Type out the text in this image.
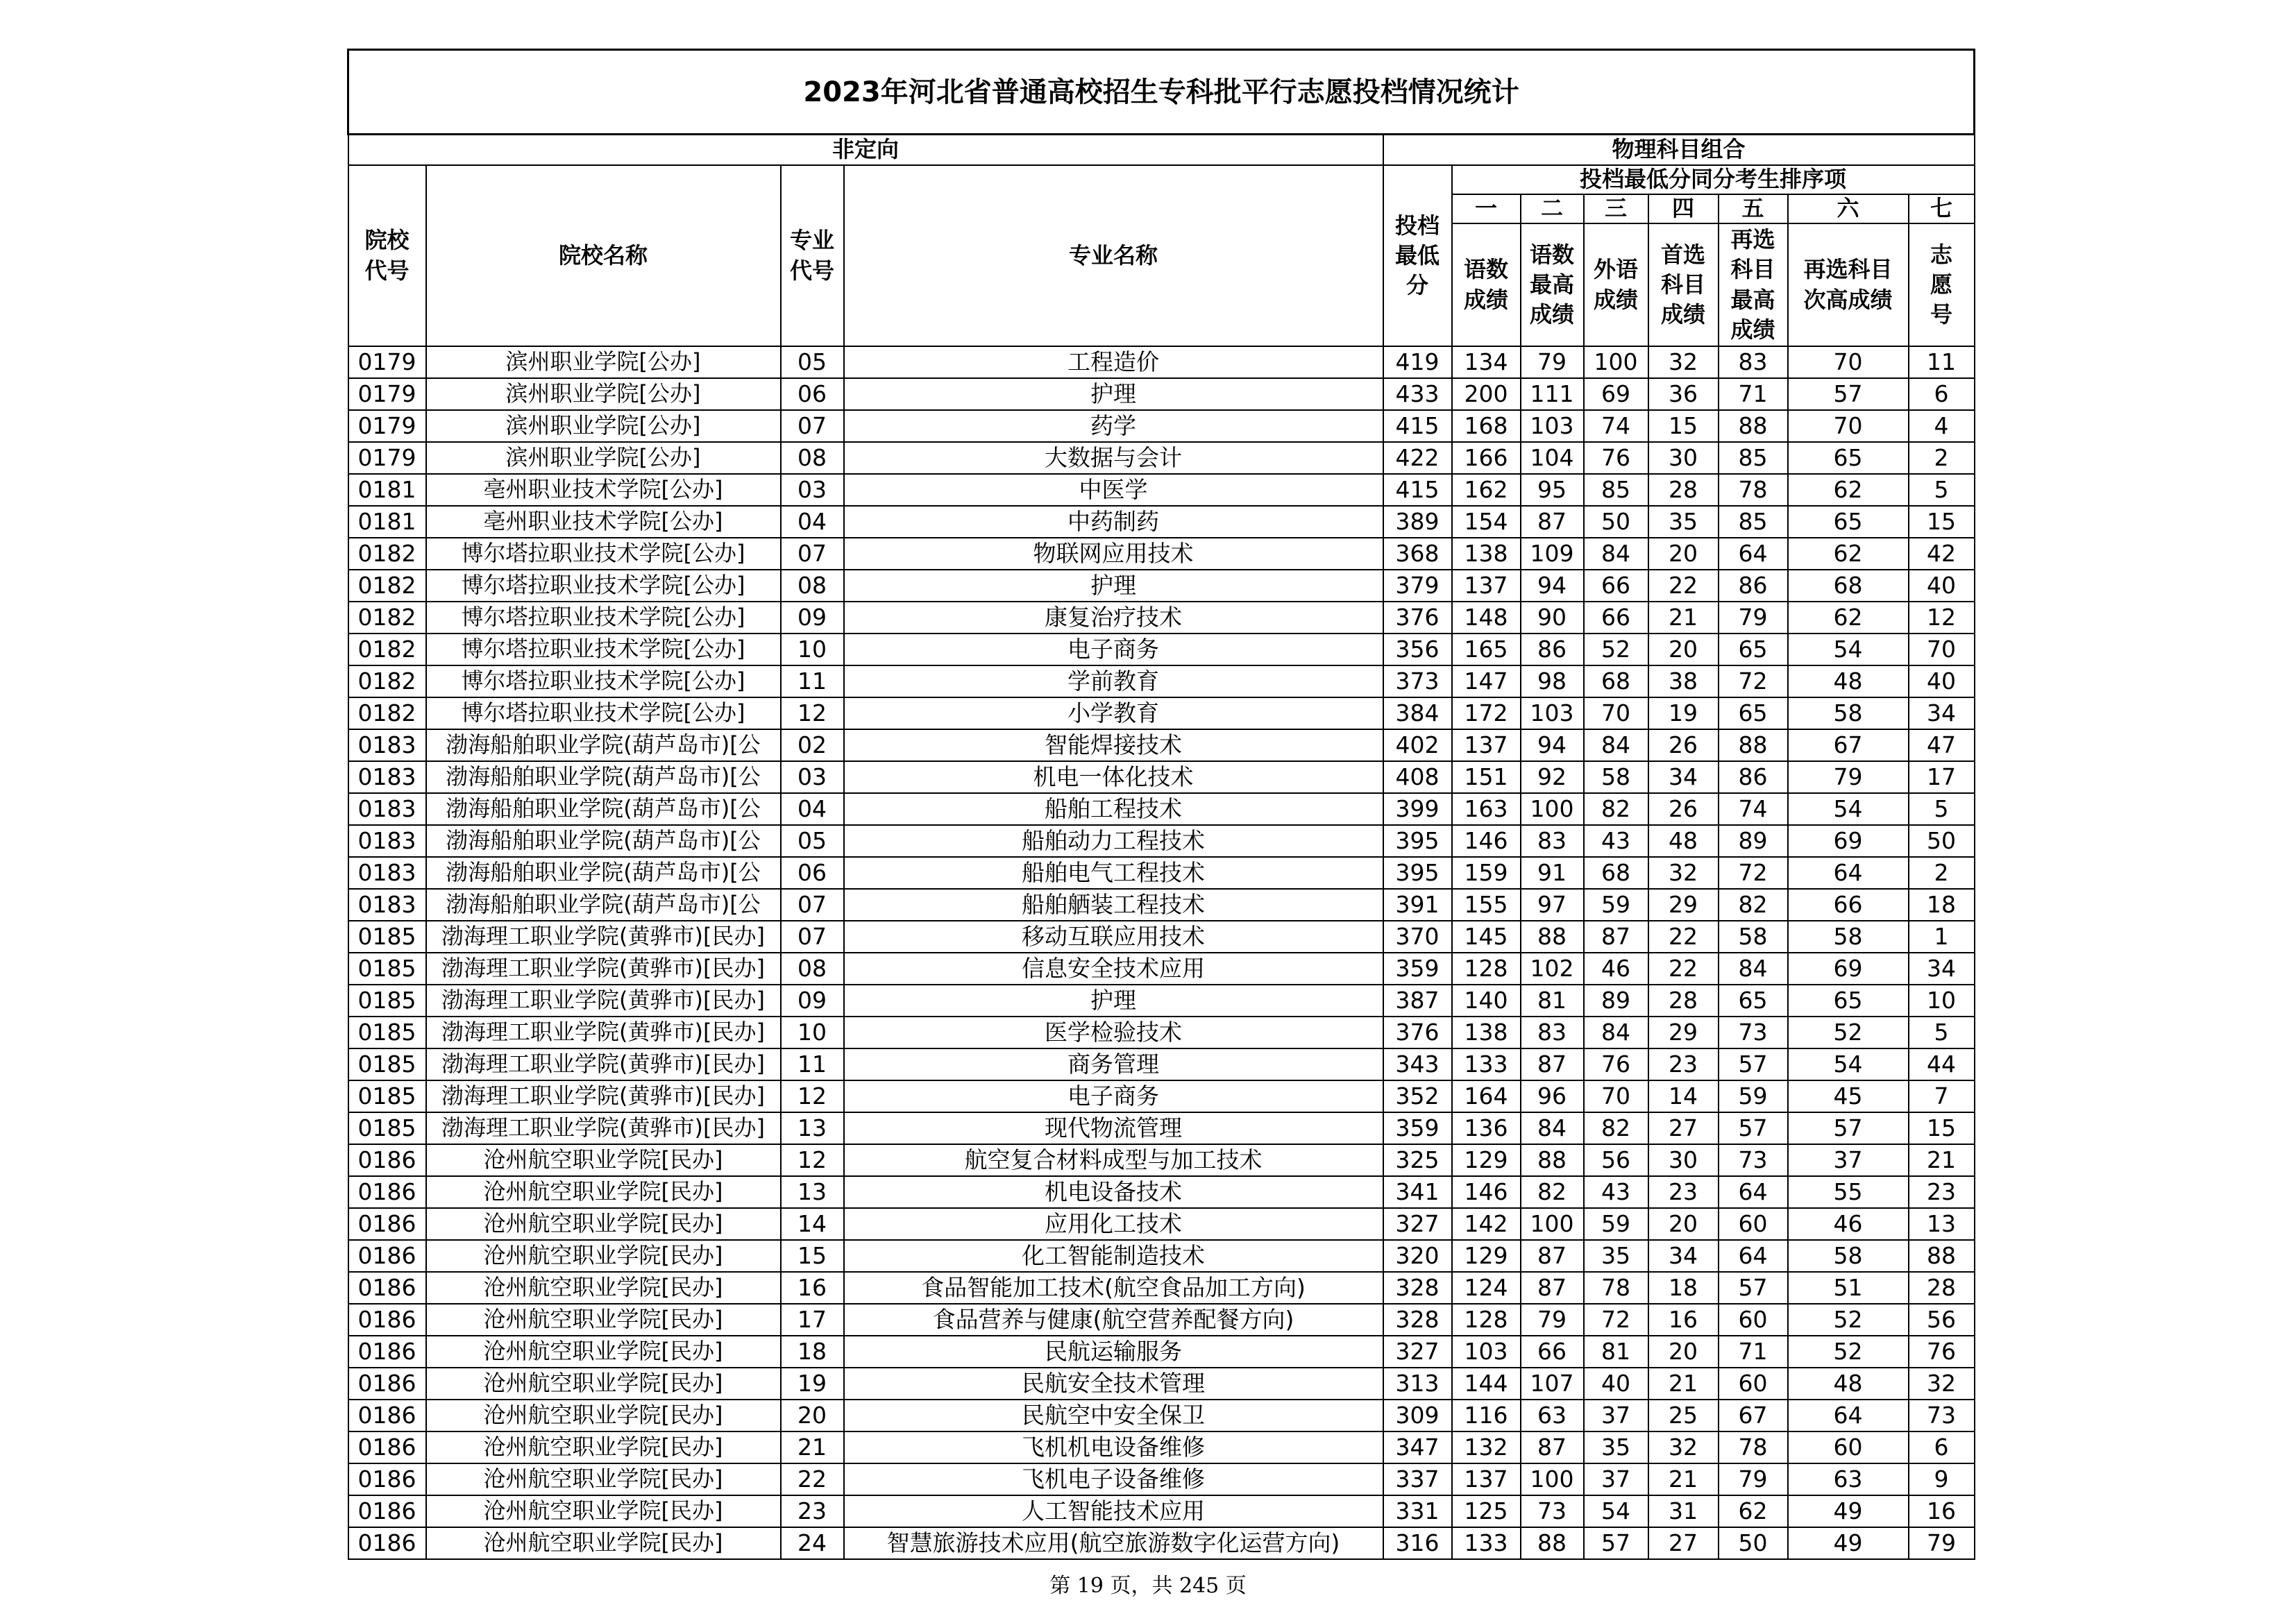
2023年河北省普通高校招生专科批平行志愿投档情况统计											
非定向				物理科目组合							
院校代号	院校名称	专业代号	专业名称	投档最低分	投档最低分同分考生排序项						
					一	二	三	四	五	六	七
					语数成绩	语数最高成绩	外语成绩	首选科目成绩	再选科目最高成绩	再选科目次高成绩	志愿号
0179	滨州职业学院[公办]	05	工程造价	419	134	79	100	32	83	70	11
0179	滨州职业学院[公办]	06	护理	433	200	111	69	36	71	57	6
0179	滨州职业学院[公办]	07	药学	415	168	103	74	15	88	70	4
0179	滨州职业学院[公办]	08	大数据与会计	422	166	104	76	30	85	65	2
0181	亳州职业技术学院[公办]	03	中医学	415	162	95	85	28	78	62	5
0181	亳州职业技术学院[公办]	04	中药制药	389	154	87	50	35	85	65	15
0182	博尔塔拉职业技术学院[公办]	07	物联网应用技术	368	138	109	84	20	64	62	42
0182	博尔塔拉职业技术学院[公办]	08	护理	379	137	94	66	22	86	68	40
0182	博尔塔拉职业技术学院[公办]	09	康复治疗技术	376	148	90	66	21	79	62	12
0182	博尔塔拉职业技术学院[公办]	10	电子商务	356	165	86	52	20	65	54	70
0182	博尔塔拉职业技术学院[公办]	11	学前教育	373	147	98	68	38	72	48	40
0182	博尔塔拉职业技术学院[公办]	12	小学教育	384	172	103	70	19	65	58	34
0183	渤海船舶职业学院(葫芦岛市)[公	02	智能焊接技术	402	137	94	84	26	88	67	47
0183	渤海船舶职业学院(葫芦岛市)[公	03	机电一体化技术	408	151	92	58	34	86	79	17
0183	渤海船舶职业学院(葫芦岛市)[公	04	船舶工程技术	399	163	100	82	26	74	54	5
0183	渤海船舶职业学院(葫芦岛市)[公	05	船舶动力工程技术	395	146	83	43	48	89	69	50
0183	渤海船舶职业学院(葫芦岛市)[公	06	船舶电气工程技术	395	159	91	68	32	72	64	2
0183	渤海船舶职业学院(葫芦岛市)[公	07	船舶舾装工程技术	391	155	97	59	29	82	66	18
0185	渤海理工职业学院(黄骅市)[民办]	07	移动互联应用技术	370	145	88	87	22	58	58	1
0185	渤海理工职业学院(黄骅市)[民办]	08	信息安全技术应用	359	128	102	46	22	84	69	34
0185	渤海理工职业学院(黄骅市)[民办]	09	护理	387	140	81	89	28	65	65	10
0185	渤海理工职业学院(黄骅市)[民办]	10	医学检验技术	376	138	83	84	29	73	52	5
0185	渤海理工职业学院(黄骅市)[民办]	11	商务管理	343	133	87	76	23	57	54	44
0185	渤海理工职业学院(黄骅市)[民办]	12	电子商务	352	164	96	70	14	59	45	7
0185	渤海理工职业学院(黄骅市)[民办]	13	现代物流管理	359	136	84	82	27	57	57	15
0186	沧州航空职业学院[民办]	12	航空复合材料成型与加工技术	325	129	88	56	30	73	37	21
0186	沧州航空职业学院[民办]	13	机电设备技术	341	146	82	43	23	64	55	23
0186	沧州航空职业学院[民办]	14	应用化工技术	327	142	100	59	20	60	46	13
0186	沧州航空职业学院[民办]	15	化工智能制造技术	320	129	87	35	34	64	58	88
0186	沧州航空职业学院[民办]	16	食品智能加工技术(航空食品加工方向)	328	124	87	78	18	57	51	28
0186	沧州航空职业学院[民办]	17	食品营养与健康(航空营养配餐方向)	328	128	79	72	16	60	52	56
0186	沧州航空职业学院[民办]	18	民航运输服务	327	103	66	81	20	71	52	76
0186	沧州航空职业学院[民办]	19	民航安全技术管理	313	144	107	40	21	60	48	32
0186	沧州航空职业学院[民办]	20	民航空中安全保卫	309	116	63	37	25	67	64	73
0186	沧州航空职业学院[民办]	21	飞机机电设备维修	347	132	87	35	32	78	60	6
0186	沧州航空职业学院[民办]	22	飞机电子设备维修	337	137	100	37	21	79	63	9
0186	沧州航空职业学院[民办]	23	人工智能技术应用	331	125	73	54	31	62	49	16
0186	沧州航空职业学院[民办]	24	智慧旅游技术应用(航空旅游数字化运营方向)	316	133	88	57	27	50	49	79
第 19 页，共 245 页
